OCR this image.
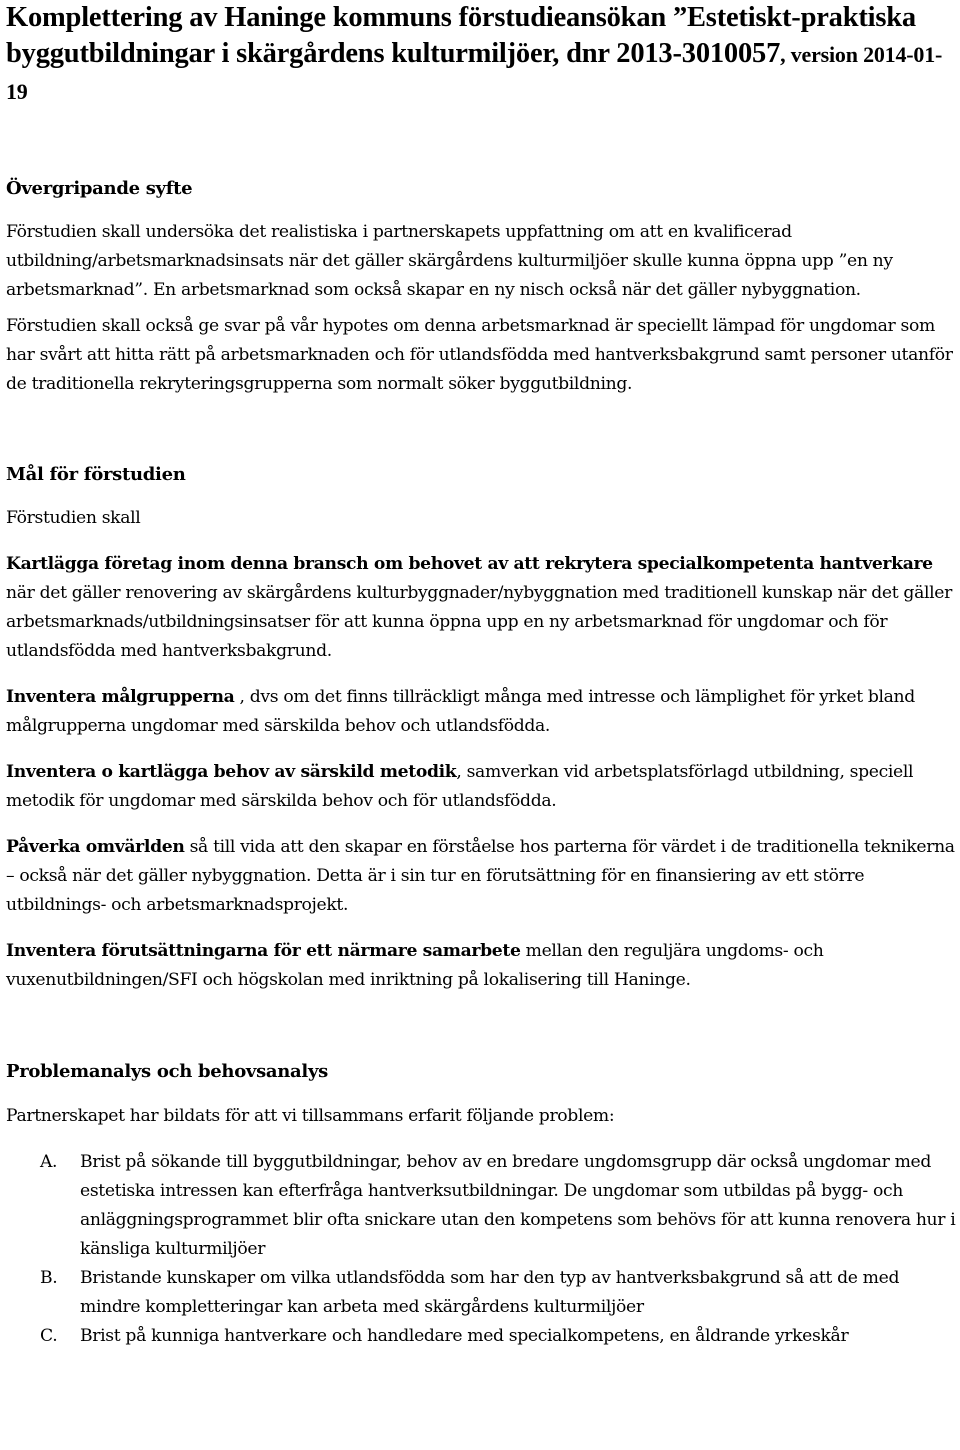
Komplettering av Haninge kommuns förstudieansökan ”Estetiskt-praktiska byggutbildningar i skärgårdens kulturmiljöer, dnr 2013-3010057, version 2014-01-19
Övergripande syfte

Förstudien skall undersöka det realistiska i partnerskapets uppfattning om att en kvalificerad utbildning/arbetsmarknadsinsats när det gäller skärgårdens kulturmiljöer skulle kunna öppna upp ”en ny arbetsmarknad”. En arbetsmarknad som också skapar en ny nisch också när det gäller nybyggnation.

Förstudien skall också ge svar på vår hypotes om denna arbetsmarknad är speciellt lämpad för ungdomar som har svårt att hitta rätt på arbetsmarknaden och för utlandsfödda med hantverksbakgrund samt personer utanför de traditionella rekryteringsgrupperna som normalt söker byggutbildning.

Mål för förstudien

Förstudien skall

Kartlägga företag inom denna bransch om behovet av att rekrytera specialkompetenta hantverkare när det gäller renovering av skärgårdens kulturbyggnader/nybyggnation med traditionell kunskap när det gäller arbetsmarknads/utbildningsinsatser för att kunna öppna upp en ny arbetsmarknad för ungdomar och för utlandsfödda med hantverksbakgrund.

Inventera målgrupperna , dvs om det finns tillräckligt många med intresse och lämplighet för yrket bland målgrupperna ungdomar med särskilda behov och utlandsfödda.

Inventera o kartlägga behov av särskild metodik, samverkan vid arbetsplatsförlagd utbildning, speciell metodik för ungdomar med särskilda behov och för utlandsfödda.

Påverka omvärlden så till vida att den skapar en förståelse hos parterna för värdet i de traditionella teknikerna – också när det gäller nybyggnation. Detta är i sin tur en förutsättning för en finansiering av ett större utbildnings- och arbetsmarknadsprojekt.

Inventera förutsättningarna för ett närmare samarbete mellan den reguljära ungdoms- och vuxenutbildningen/SFI och högskolan med inriktning på lokalisering till Haninge.

Problemanalys och behovsanalys

Partnerskapet har bildats för att vi tillsammans erfarit följande problem:

A. Brist på sökande till byggutbildningar, behov av en bredare ungdomsgrupp där också ungdomar med estetiska intressen kan efterfråga hantverksutbildningar. De ungdomar som utbildas på bygg- och anläggningsprogrammet blir ofta snickare utan den kompetens som behövs för att kunna renovera hur i känsliga kulturmiljöer
B. Bristande kunskaper om vilka utlandsfödda som har den typ av hantverksbakgrund så att de med mindre kompletteringar kan arbeta med skärgårdens kulturmiljöer
C. Brist på kunniga hantverkare och handledare med specialkompetens, en åldrande yrkeskår
